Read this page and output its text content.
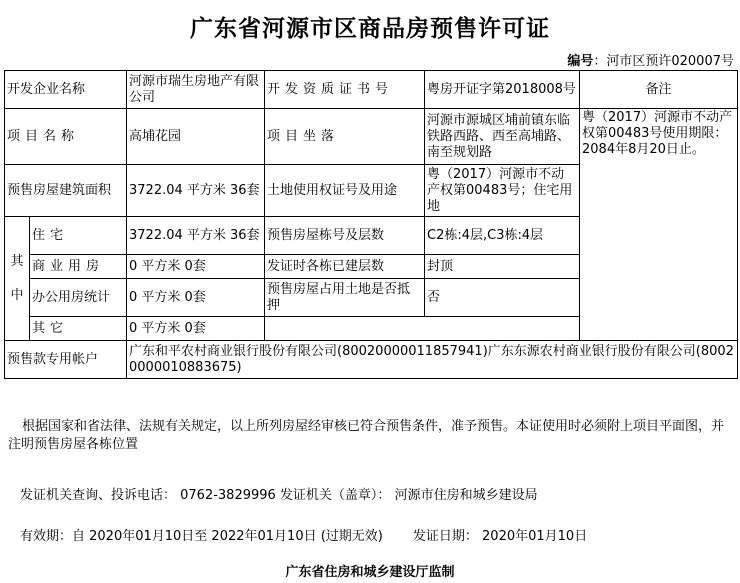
广东省河源市区商品房预售许可证
编号：河市区预许020007号
开发企业名称		河源市瑞生房地产有限公司	开发资质证书号	粤房开证字第2018008号	备注
项目名称		高埔花园	项目坐落	河源市源城区埔前镇东临铁路西路、西至高埔路、南至规划路	粤（2017）河源市不动产权第00483号使用期限：2084年8月20日止。
预售房屋建筑面积		3722.04 平方米 36套	土地使用权证号及用途	粤（2017）河源市不动产权第00483号；住宅用地	
其中	住宅	3722.04 平方米 36套	预售房屋栋号及层数	C2栋:4层,C3栋:4层	
	商业用房	0 平方米 0套	发证时各栋已建层数	封顶	
	办公用房统计	0 平方米 0套	预售房屋占用土地是否抵押	否	
	其它	0 平方米 0套			
预售款专用帐户		广东和平农村商业银行股份有限公司(80020000011857941)广东东源农村商业银行股份有限公司(80020000010883675)			
根据国家和省法律、法规有关规定，以上所列房屋经审核已符合预售条件，准予预售。本证使用时必须附上项目平面图，并注明预售房屋各栋位置
发证机关查询、投诉电话： 0762-3829996 发证机关（盖章）： 河源市住房和城乡建设局
有效期：自 2020年01月10日至 2022年01月10日 (过期无效) 发证日期： 2020年01月10日
广东省住房和城乡建设厅监制
